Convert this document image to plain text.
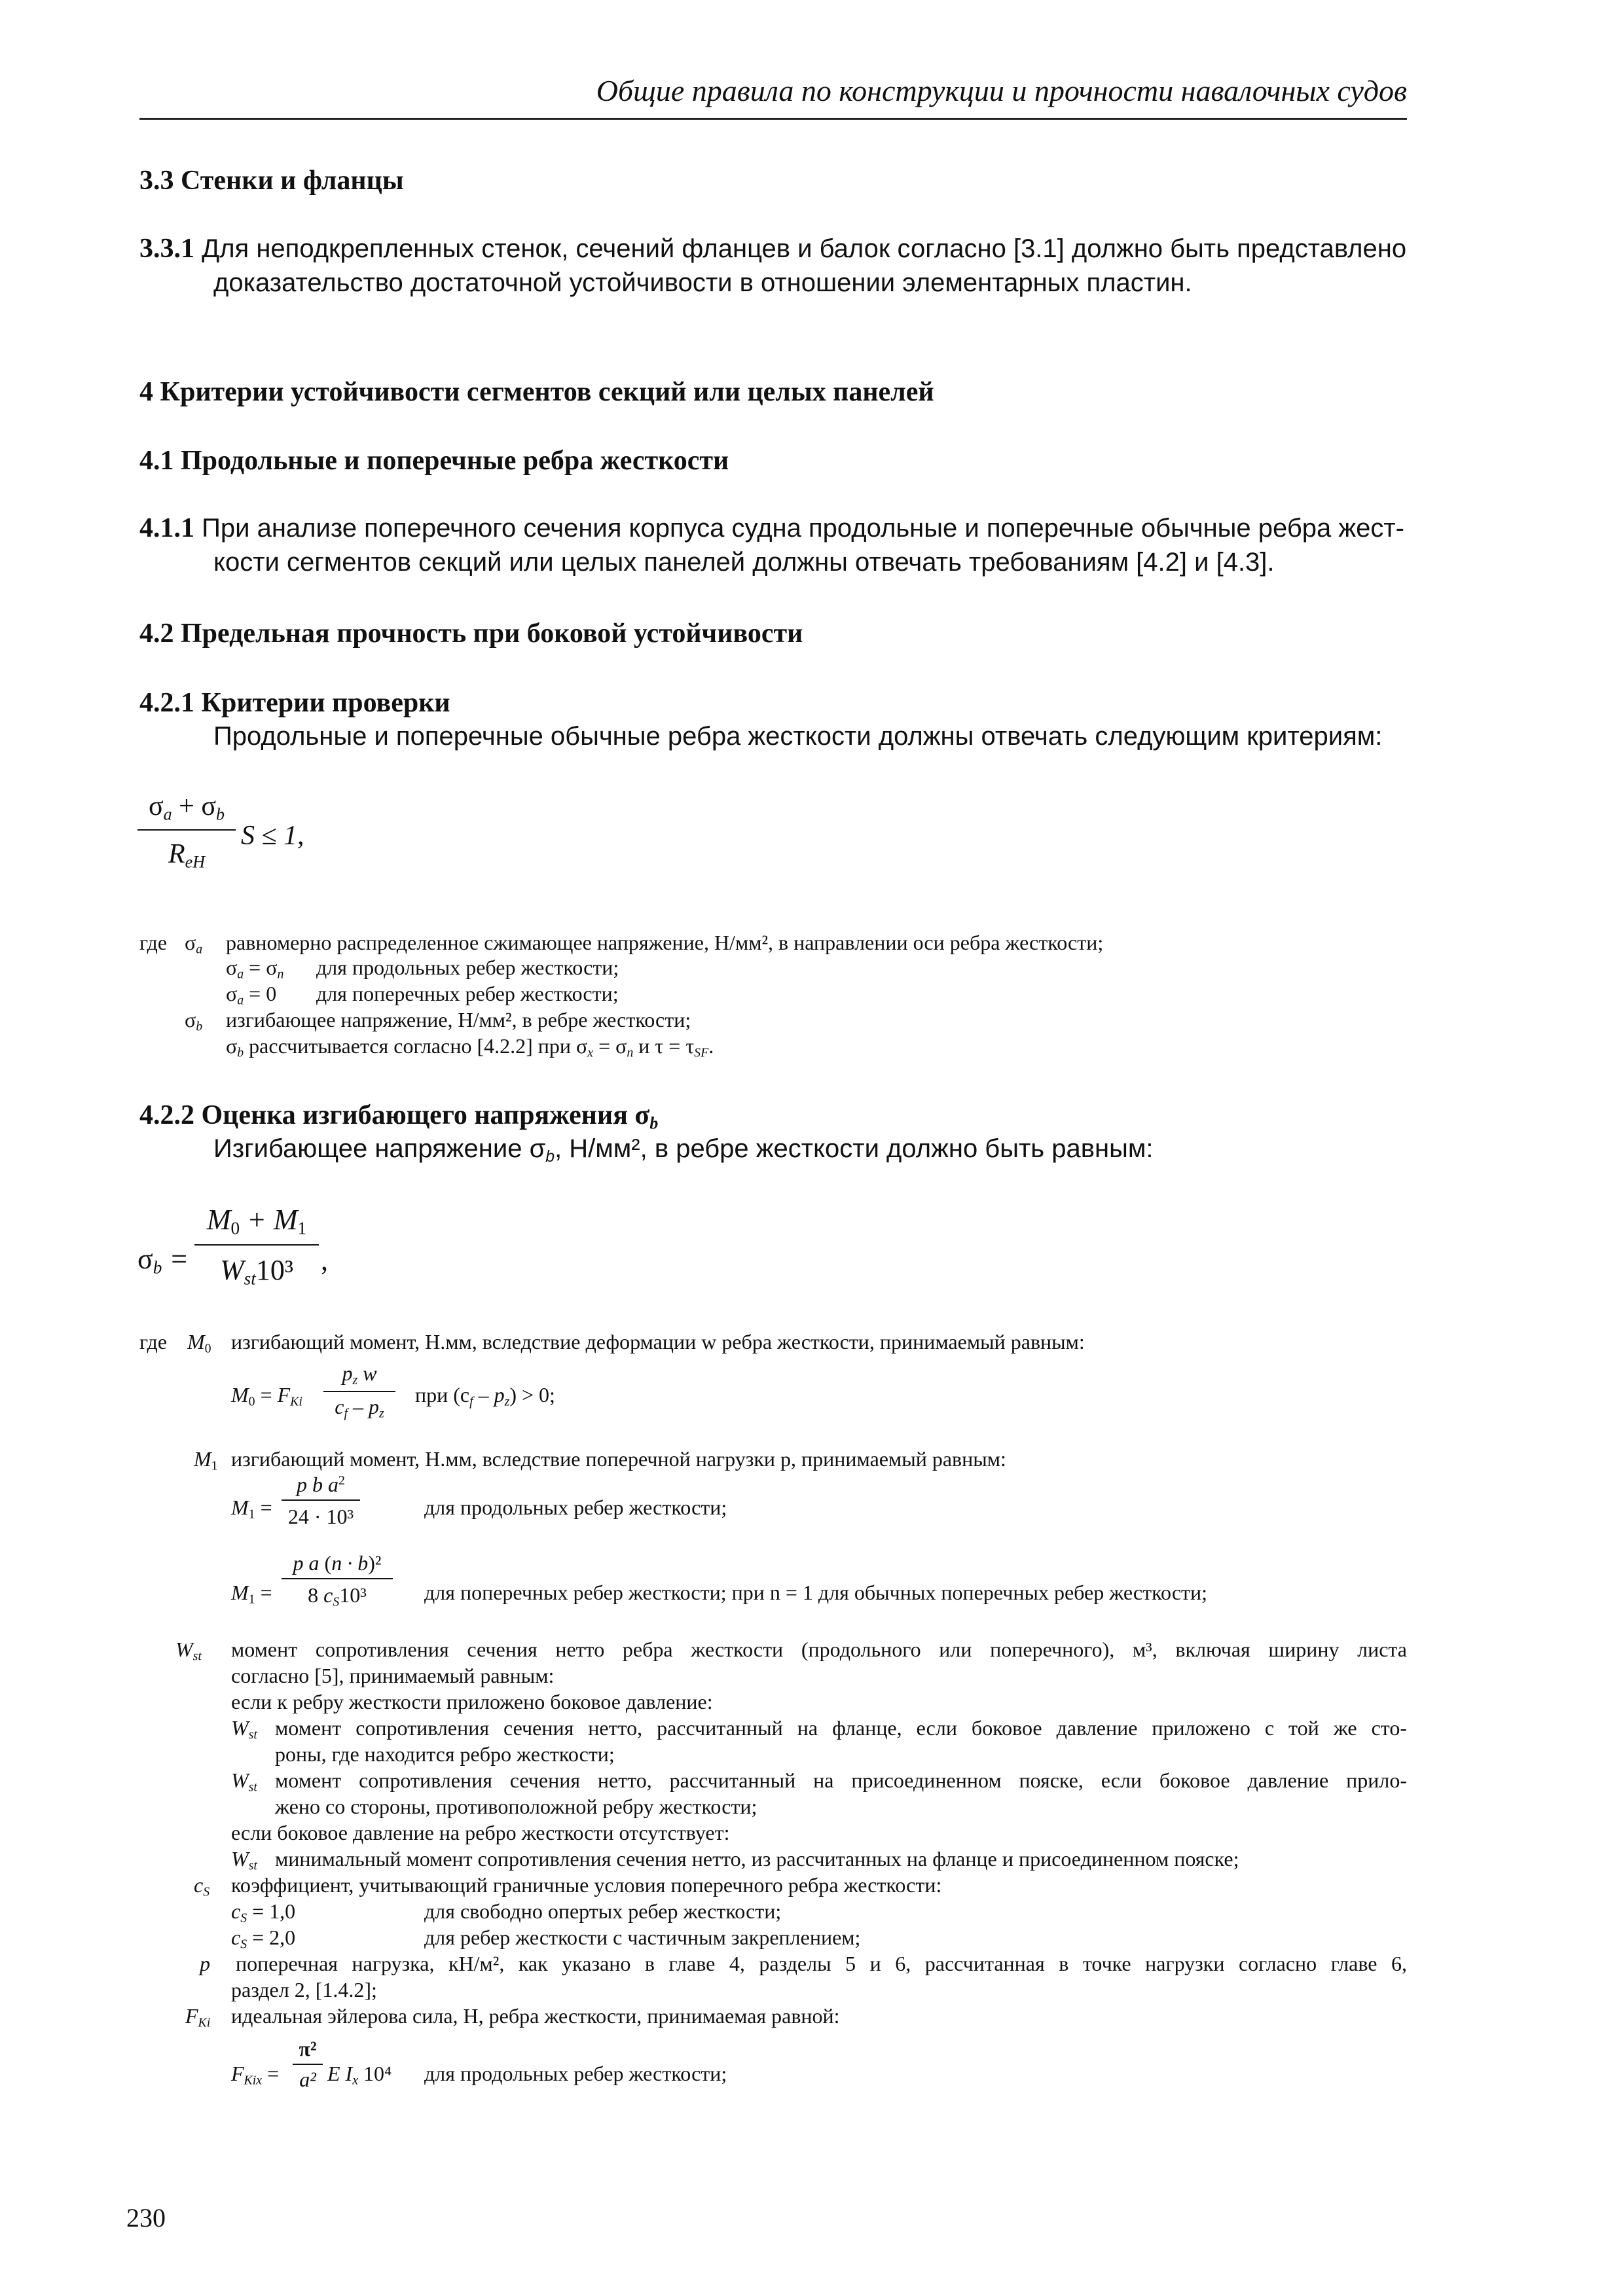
Общие правила по конструкции и прочности навалочных судов
3.3 Стенки и фланцы
3.3.1 Для неподкрепленных стенок, сечений фланцев и балок согласно [3.1] должно быть представлено
доказательство достаточной устойчивости в отношении элементарных пластин.
4 Критерии устойчивости сегментов секций или целых панелей
4.1 Продольные и поперечные ребра жесткости
4.1.1 При анализе поперечного сечения корпуса судна продольные и поперечные обычные ребра жест-
кости сегментов секций или целых панелей должны отвечать требованиям [4.2] и [4.3].
4.2 Предельная прочность при боковой устойчивости
4.2.1 Критерии проверки
Продольные и поперечные обычные ребра жесткости должны отвечать следующим критериям:
$\sigma_a + \sigma_b$
$R_{eH}$
S ≤ 1,
где $\sigma_a$ равномерно распределенное сжимающее напряжение, Н/мм², в направлении оси ребра жесткости;
$\sigma_a = \sigma_n$ для продольных ребер жесткости;
$\sigma_a = 0$ для поперечных ребер жесткости;
$\sigma_b$ изгибающее напряжение, Н/мм², в ребре жесткости;
$\sigma_b$ рассчитывается согласно [4.2.2] при $\sigma_x = \sigma_n$ и $\tau = \tau_{SF}$.
4.2.2 Оценка изгибающего напряжения $\sigma_b$
Изгибающее напряжение $\sigma_b$, Н/мм², в ребре жесткости должно быть равным:
$\sigma_b$ =
$M_0 + M_1$
$W_{st}10^3$ ,
где $M_0$ изгибающий момент, Н.мм, вследствие деформации w ребра жесткости, принимаемый равным:
$M_0 = F_{Ki}$
$p_z$ w
$c_f - p_z$
при $(c_f - p_z) > 0$;
$M_1$ изгибающий момент, Н.мм, вследствие поперечной нагрузки p, принимаемый равным:
$M_1$ =
p b $a^2$
24 · 10³	для продольных ребер жесткости;
$M_1$ =
p a (n · b)²
8 $c_S10^3$	для поперечных ребер жесткости; при n = 1 для обычных поперечных ребер жесткости;
$W_{st}$ момент сопротивления сечения нетто ребра жесткости (продольного или поперечного), м³, включая ширину листа
согласно [5], принимаемый равным:
если к ребру жесткости приложено боковое давление:
$W_{st}$ момент сопротивления сечения нетто, рассчитанный на фланце, если боковое давление приложено с той же сто-
роны, где находится ребро жесткости;
$W_{st}$ момент сопротивления сечения нетто, рассчитанный на присоединенном пояске, если боковое давление прило-
жено со стороны, противоположной ребру жесткости;
если боковое давление на ребро жесткости отсутствует:
$W_{st}$ минимальный момент сопротивления сечения нетто, из рассчитанных на фланце и присоединенном пояске;
$c_S$ коэффициент, учитывающий граничные условия поперечного ребра жесткости:
$c_S = 1,0$	для свободно опертых ребер жесткости;
$c_S = 2,0$	для ребер жесткости с частичным закреплением;
p поперечная нагрузка, кН/м², как указано в главе 4, разделы 5 и 6, рассчитанная в точке нагрузки согласно главе 6,
раздел 2, [1.4.2];
$F_{Ki}$ идеальная эйлерова сила, Н, ребра жесткости, принимаемая равной:
$F_{Kix}$ =
π²
a² E $I_x$ 10⁴ для продольных ребер жесткости;
230
